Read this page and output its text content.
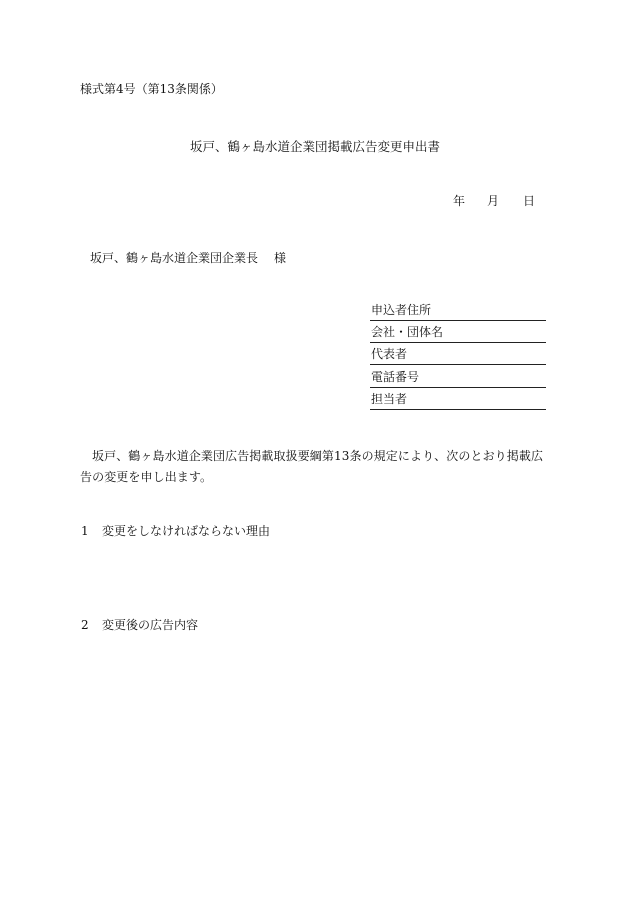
様式第4号（第13条関係）
坂戸、鶴ヶ島水道企業団掲載広告変更申出書
年 月 日
坂戸、鶴ヶ島水道企業団企業長 様
申込者住所
会社・団体名
代表者
電話番号
担当者
坂戸、鶴ヶ島水道企業団広告掲載取扱要綱第13条の規定により、次のとおり掲載広告の変更を申し出ます。
1 変更をしなければならない理由
2 変更後の広告内容
